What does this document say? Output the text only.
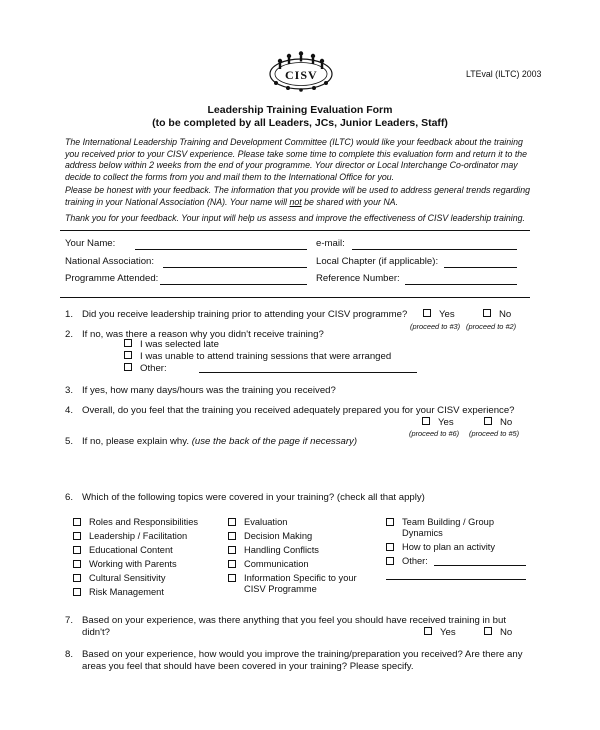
CISV	LTEval (ILTC) 2003
Leadership Training Evaluation Form
(to be completed by all Leaders, JCs, Junior Leaders, Staff)
The International Leadership Training and Development Committee (ILTC) would like your feedback about the training
you received prior to your CISV experience. Please take some time to complete this evaluation form and return it to the
address below within 2 weeks from the end of your programme. Your director or Local Interchange Co-ordinator may
decide to collect the forms from you and mail them to the International Office for you.
Please be honest with your feedback. The information that you provide will be used to address general trends regarding
training in your National Association (NA). Your name will not be shared with your NA.
Thank you for your feedback. Your input will help us assess and improve the effectiveness of CISV leadership training.
Your Name:	e-mail:
National Association:	Local Chapter (if applicable):
Programme Attended:	Reference Number:
1. Did you receive leadership training prior to attending your CISV programme?	Yes	No
(proceed to #3) (proceed to #2)
2. If no, was there a reason why you didn't receive training?
I was selected late
I was unable to attend training sessions that were arranged
Other:
3. If yes, how many days/hours was the training you received?
4. Overall, do you feel that the training you received adequately prepared you for your CISV experience?
Yes	No
(proceed to #6) (proceed to #5)
5. If no, please explain why. (use the back of the page if necessary)
6. Which of the following topics were covered in your training? (check all that apply)
Roles and Responsibilities
Leadership / Facilitation
Educational Content
Working with Parents
Cultural Sensitivity
Risk Management
Evaluation
Decision Making
Handling Conflicts
Communication
Information Specific to your
CISV Programme
Team Building / Group
Dynamics
How to plan an activity
Other:
7. Based on your experience, was there anything that you feel you should have received training in but
didn't?	Yes	No
8. Based on your experience, how would you improve the training/preparation you received? Are there any
areas you feel that should have been covered in your training? Please specify.
